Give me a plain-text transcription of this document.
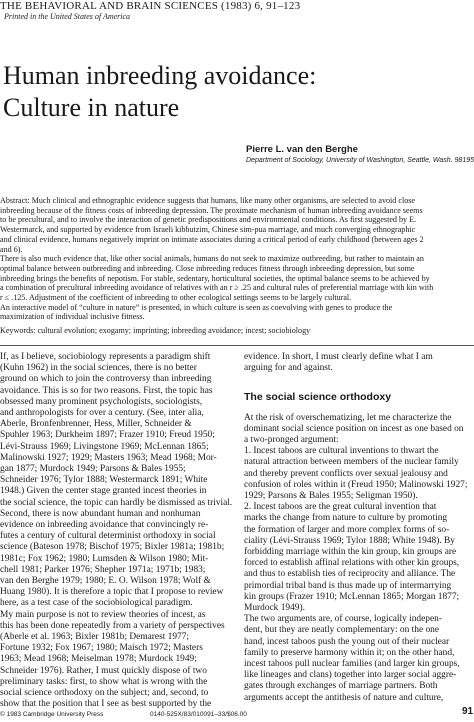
THE BEHAVIORAL AND BRAIN SCIENCES (1983) 6, 91–123
Printed in the United States of America
Human inbreeding avoidance:
Culture in nature
Pierre L. van den Berghe
Department of Sociology, University of Washington, Seattle, Wash. 98195
Abstract: Much clinical and ethnographic evidence suggests that humans, like many other organisms, are selected to avoid close
inbreeding because of the fitness costs of inbreeding depression. The proximate mechanism of human inbreeding avoidance seems
to be precultural, and to involve the interaction of genetic predispositions and environmental conditions. As first suggested by E.
Westermarck, and supported by evidence from Israeli kibbutzim, Chinese sim-pua marriage, and much converging ethnographic
and clinical evidence, humans negatively imprint on intimate associates during a critical period of early childhood (between ages 2
and 6).
There is also much evidence that, like other social animals, humans do not seek to maximize outbreeding, but rather to maintain an
optimal balance between outbreeding and inbreeding. Close inbreeding reduces fitness through inbreeding depression, but some
inbreeding brings the benefits of nepotism. For stable, sedentary, horticultural societies, the optimal balance seems to be achieved by
a combination of precultural inbreeding avoidance of relatives with an r ≥ .25 and cultural rules of preferential marriage with kin with
r ≤ .125. Adjustment of the coefficient of inbreeding to other ecological settings seems to be largely cultural.
An interactive model of “culture in nature” is presented, in which culture is seen as coevolving with genes to produce the
maximization of individual inclusive fitness.
Keywords: cultural evolution; exogamy; imprinting; inbreeding avoidance; incest; sociobiology
If, as I believe, sociobiology represents a paradigm shift
(Kuhn 1962) in the social sciences, there is no better
ground on which to join the controversy than inbreeding
avoidance. This is so for two reasons. First, the topic has
obsessed many prominent psychologists, sociologists,
and anthropologists for over a century. (See, inter alia,
Aberle, Bronfenbrenner, Hess, Miller, Schneider &
Spuhler 1963; Durkheim 1897; Frazer 1910; Freud 1950;
Lévi-Strauss 1969; Livingstone 1969; McLennan 1865;
Malinowski 1927; 1929; Masters 1963; Mead 1968; Mor-
gan 1877; Murdock 1949; Parsons & Bales 1955;
Schneider 1976; Tylor 1888; Westermarck 1891; White
1948.) Given the center stage granted incest theories in
the social science, the topic can hardly be dismissed as trivial.
Second, there is now abundant human and nonhuman
evidence on inbreeding avoidance that convincingly re-
futes a century of cultural determinist orthodoxy in social
science (Bateson 1978; Bischof 1975; Bixler 1981a; 1981b;
1981c; Fox 1962; 1980; Lumsden & Wilson 1980; Mit-
chell 1981; Parker 1976; Shepher 1971a; 1971b; 1983;
van den Berghe 1979; 1980; E. O. Wilson 1978; Wolf &
Huang 1980). It is therefore a topic that I propose to review
here, as a test case of the sociobiological paradigm.
My main purpose is not to review theories of incest, as
this has been done repeatedly from a variety of perspectives
(Aberle et al. 1963; Bixler 1981b; Demarest 1977;
Fortune 1932; Fox 1967; 1980; Maisch 1972; Masters
1963; Mead 1968; Meiselman 1978; Murdock 1949;
Schneider 1976). Rather, I must quickly dispose of two
preliminary tasks: first, to show what is wrong with the
social science orthodoxy on the subject; and, second, to
show that the position that I see as best supported by the
evidence. In short, I must clearly define what I am
arguing for and against.
The social science orthodoxy
At the risk of overschematizing, let me characterize the
dominant social science position on incest as one based on
a two-pronged argument:
1. Incest taboos are cultural inventions to thwart the
natural attraction between members of the nuclear family
and thereby prevent conflicts over sexual jealousy and
confusion of roles within it (Freud 1950; Malinowski 1927;
1929; Parsons & Bales 1955; Seligman 1950).
2. Incest taboos are the great cultural invention that
marks the change from nature to culture by promoting
the formation of larger and more complex forms of so-
ciality (Lévi-Strauss 1969; Tylor 1888; White 1948). By
forbidding marriage within the kin group, kin groups are
forced to establish affinal relations with other kin groups,
and thus to establish ties of reciprocity and alliance. The
primordial tribal band is thus made up of intermarrying
kin groups (Frazer 1910; McLennan 1865; Morgan 1877;
Murdock 1949).
The two arguments are, of course, logically indepen-
dent, but they are neatly complementary: on the one
hand, incest taboos push the young out of their nuclear
family to preserve harmony within it; on the other hand,
incest taboos pull nuclear families (and larger kin groups,
like lineages and clans) together into larger social aggre-
gates through exchanges of marriage partners. Both
arguments accept the antithesis of nature and culture,
© 1983 Cambridge University Press	0140-525X/83/010091–33/$06.00	91
